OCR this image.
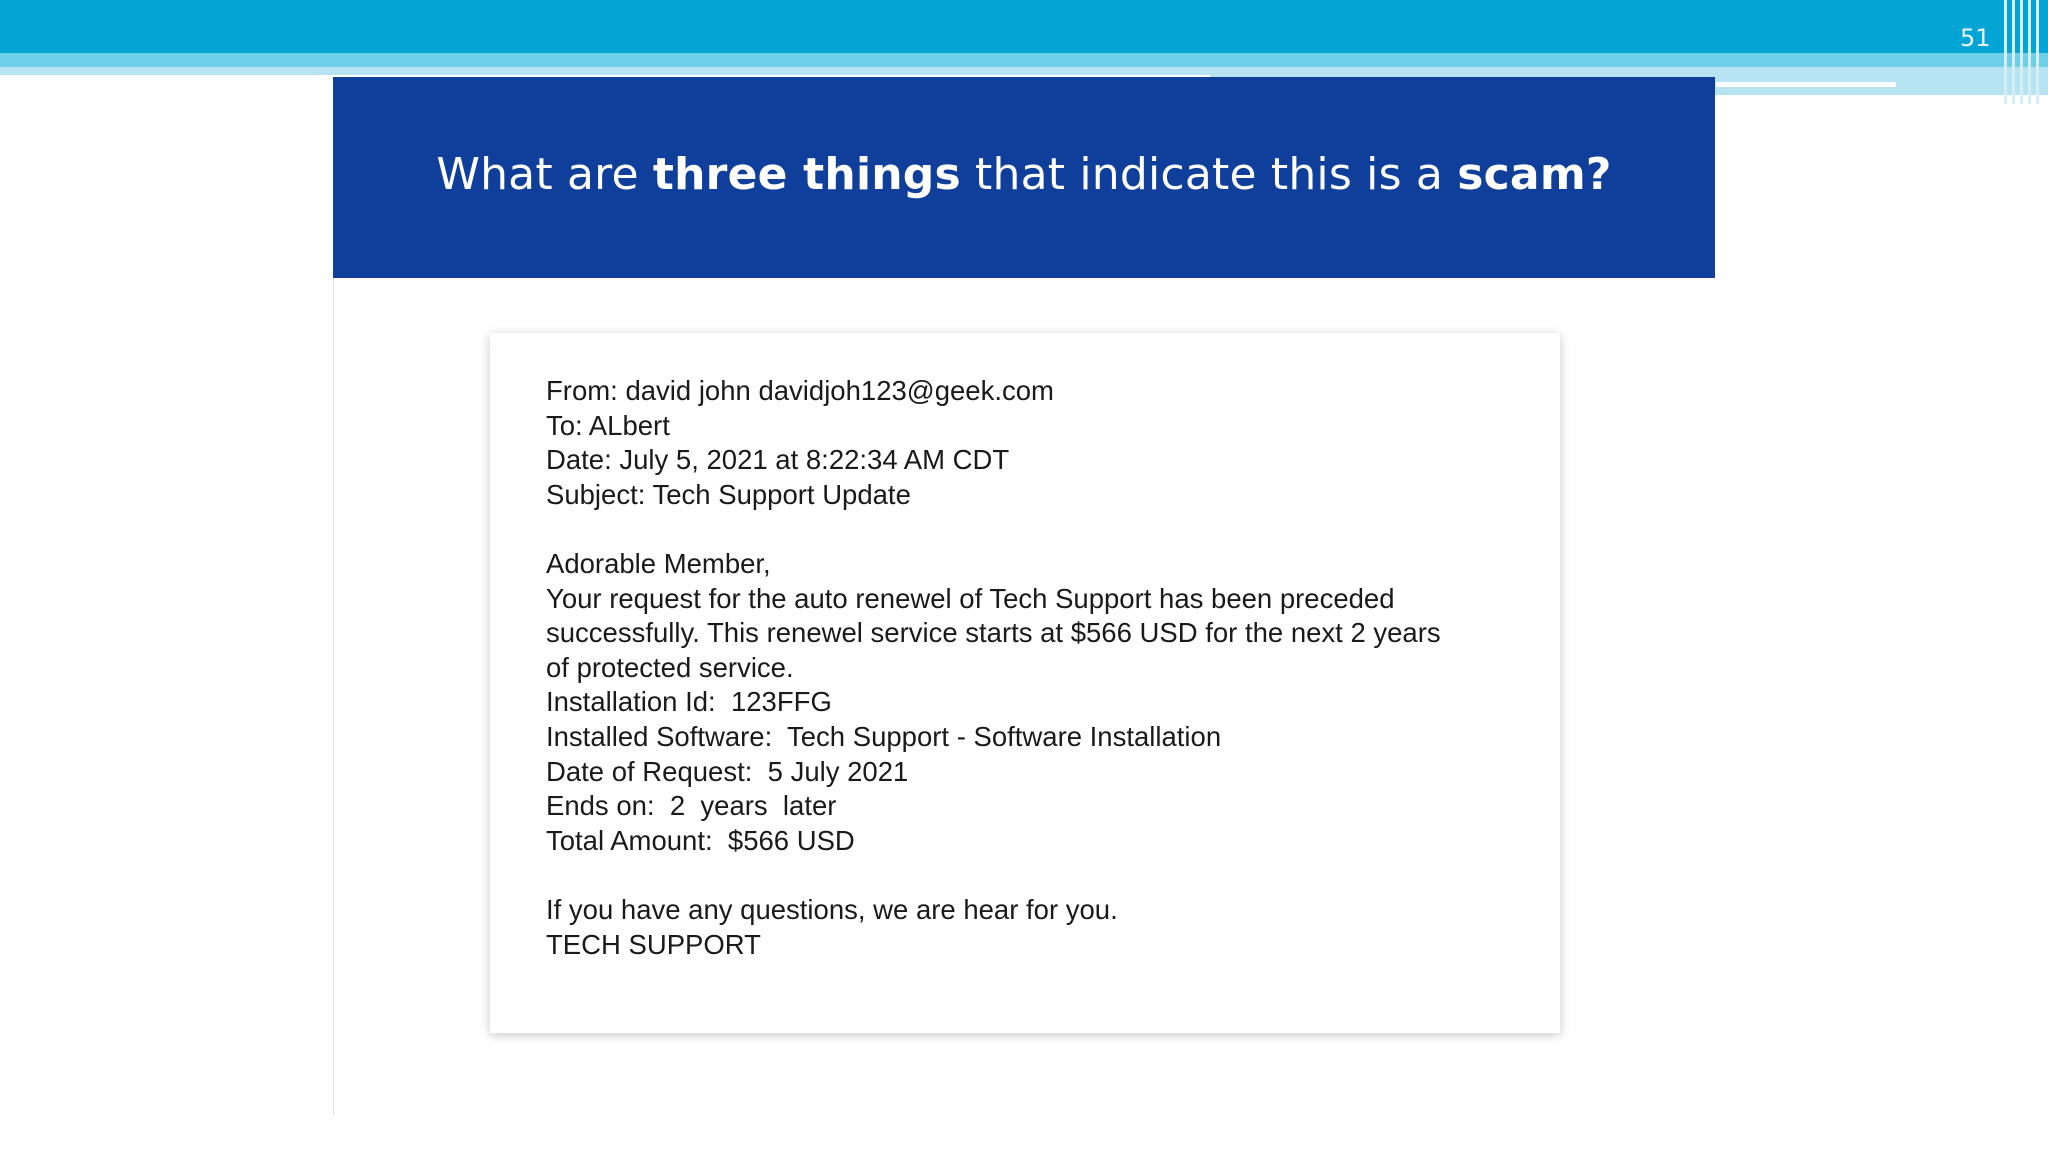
51
What are three things that indicate this is a scam?
From: david john davidjoh123@geek.com
To: ALbert
Date: July 5, 2021 at 8:22:34 AM CDT
Subject: Tech Support Update
Adorable Member,
Your request for the auto renewel of Tech Support has been preceded
successfully. This renewel service starts at $566 USD for the next 2 years
of protected service.
Installation Id:  123FFG
Installed Software:  Tech Support - Software Installation
Date of Request:  5 July 2021
Ends on:  2  years  later
Total Amount:  $566 USD
If you have any questions, we are hear for you.
TECH SUPPORT
